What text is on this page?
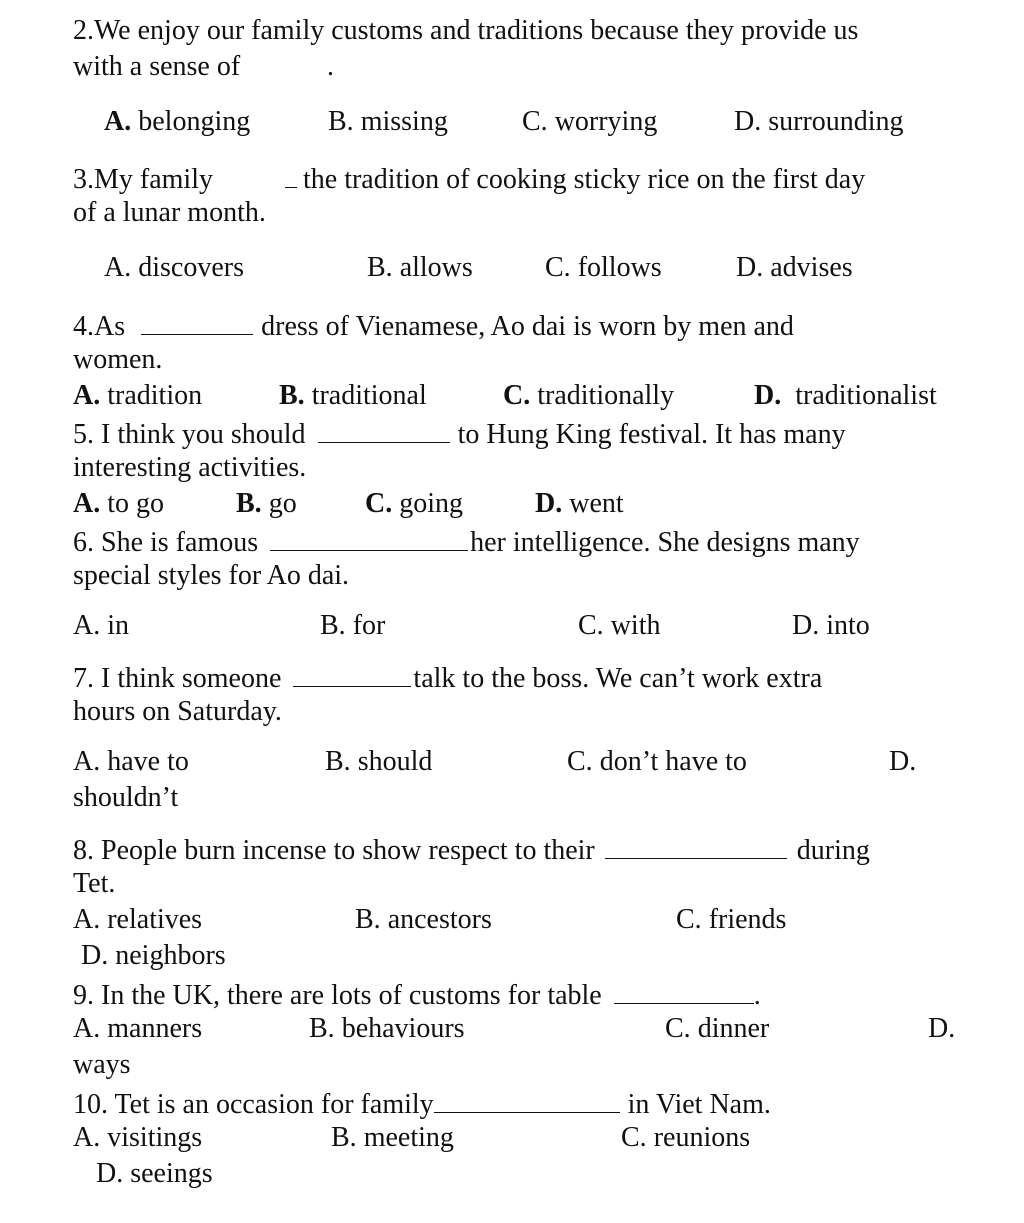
2.We enjoy our family customs and traditions because they provide us
with a sense of	.
A. belonging	B. missing	C. worrying	D. surrounding
3.My family	the tradition of cooking sticky rice on the first day
of a lunar month.
A. discovers	B. allows	C. follows	D. advises
4.As	dress of Vienamese, Ao dai is worn by men and
women.
A. tradition	B. traditional	C. traditionally	D. traditionalist
5. I think you should	to Hung King festival. It has many
interesting activities.
A. to go	B. go C. going	D. went
6. She is famous	her intelligence. She designs many
special styles for Ao dai.
A. in	B. for	C. with	D. into
7. I think someone	talk to the boss. We can’t work extra
hours on Saturday.
A. have to	B. should	C. don’t have to	D.
shouldn’t
8. People burn incense to show respect to their	during
Tet.
A. relatives	B. ancestors	C. friends
D. neighbors
9. In the UK, there are lots of customs for table	.
A. manners	B. behaviours	C. dinner	D.
ways
10. Tet is an occasion for family	in Viet Nam.
A. visitings	B. meeting	C. reunions
D. seeings
